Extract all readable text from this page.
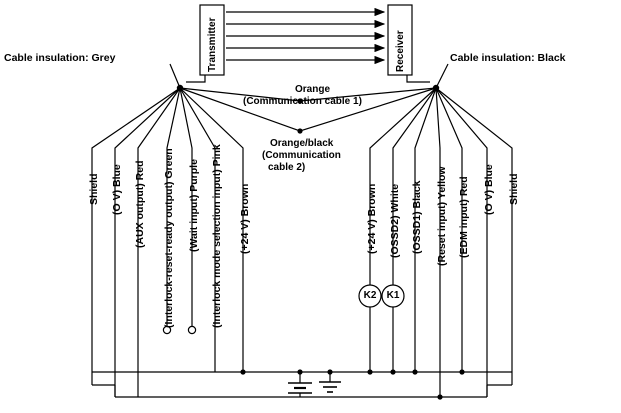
Cable insulation: Grey	Cable insulation: Black
Transmitter	Receiver
Orange
(Communication cable 1)
Orange/black
(Communication
cable 2)
Shield (O V) Blue (AUX output) Red (Interlock-reset-ready output) Green (Wait input) Purple (Interlock mode selection input) Pink (+24 V) Brown	(+24 V) Brown (OSSD2) White (OSSD1) Black (Reset input) Yellow (EDM input) Red (O V) Blue Shield
K2	K1
